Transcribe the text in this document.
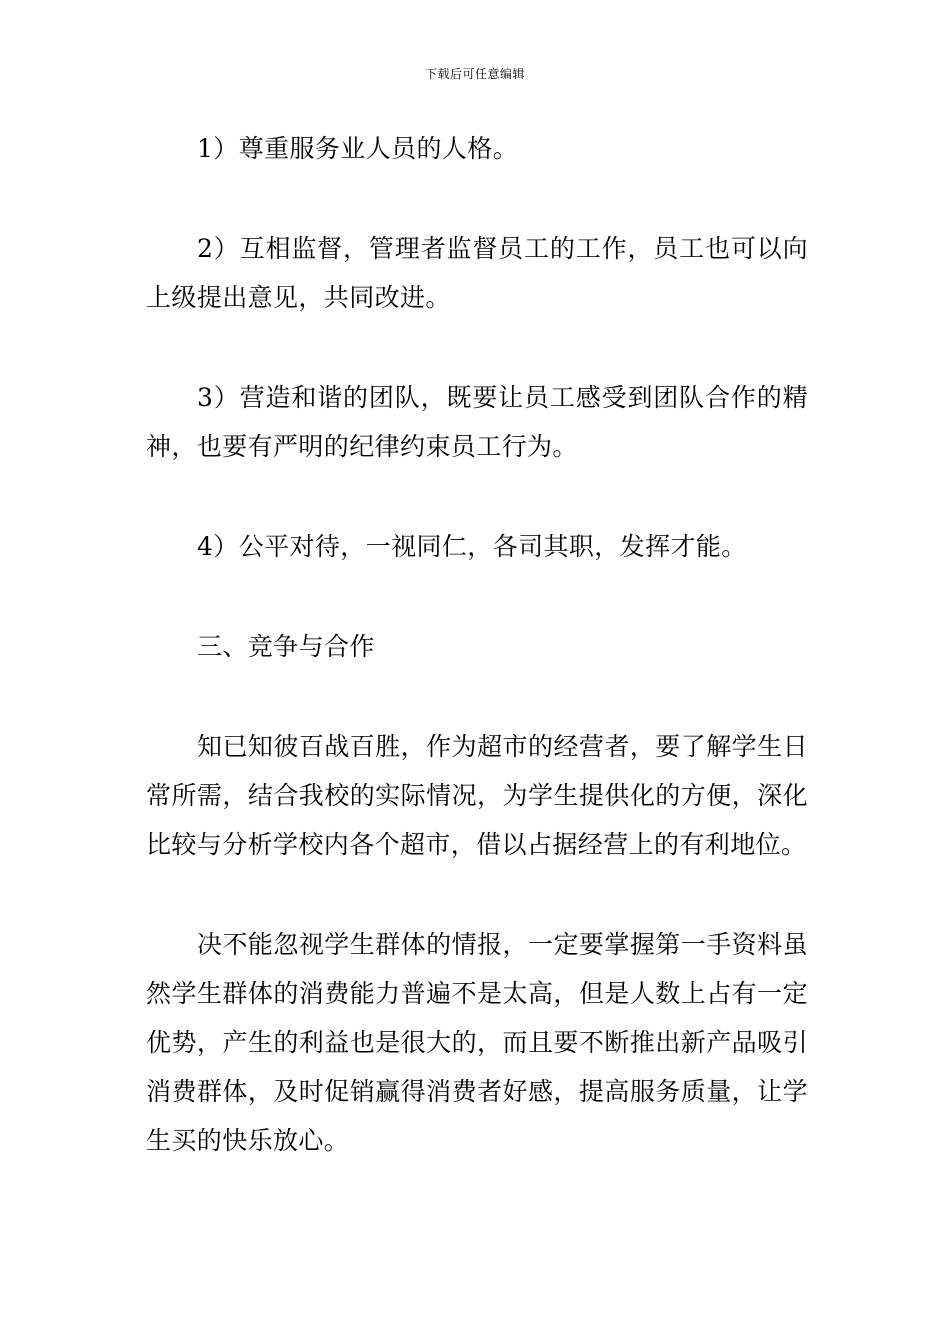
下载后可任意编辑

1）尊重服务业人员的人格。

2）互相监督，管理者监督员工的工作，员工也可以向上级提出意见，共同改进。

3）营造和谐的团队，既要让员工感受到团队合作的精神，也要有严明的纪律约束员工行为。

4）公平对待，一视同仁，各司其职，发挥才能。

三、竞争与合作

知已知彼百战百胜，作为超市的经营者，要了解学生日常所需，结合我校的实际情况，为学生提供化的方便，深化比较与分析学校内各个超市，借以占据经营上的有利地位。

决不能忽视学生群体的情报，一定要掌握第一手资料虽然学生群体的消费能力普遍不是太高，但是人数上占有一定优势，产生的利益也是很大的，而且要不断推出新产品吸引消费群体，及时促销赢得消费者好感，提高服务质量，让学生买的快乐放心。
